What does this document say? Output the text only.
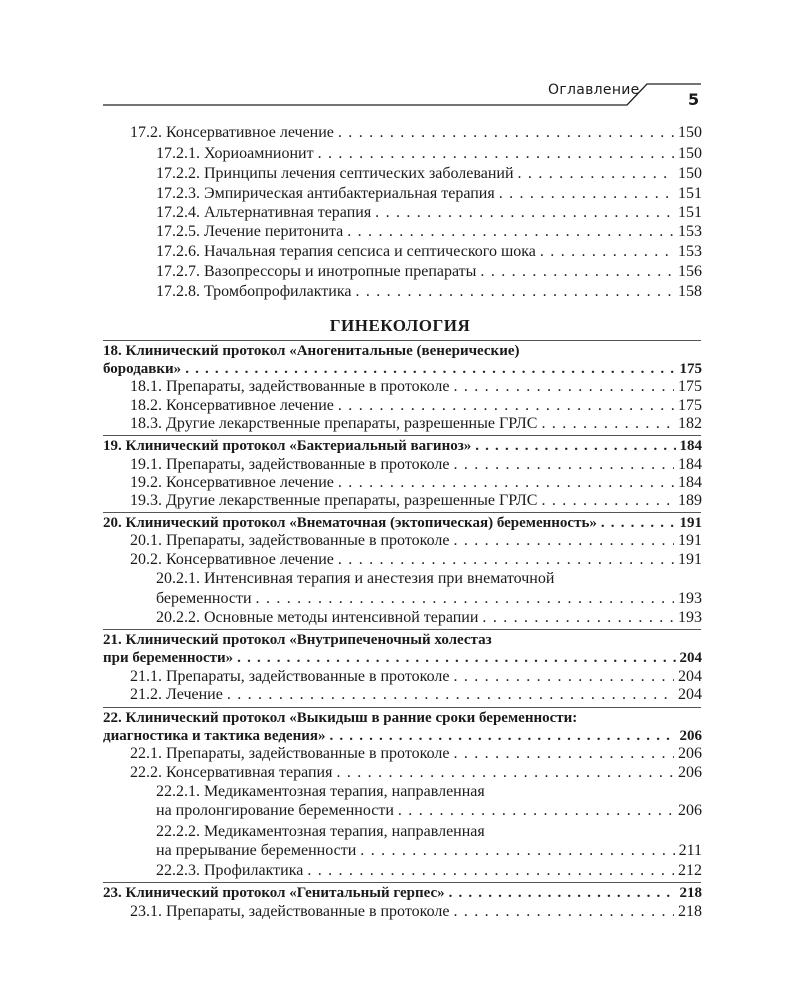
Оглавление	5
17.2. Консервативное лечение . . .	150
17.2.1. Хориоамнионит . . .	150
17.2.2. Принципы лечения септических заболеваний . . .	150
17.2.3. Эмпирическая антибактериальная терапия . . .	151
17.2.4. Альтернативная терапия . . .	151
17.2.5. Лечение перитонита . . .	153
17.2.6. Начальная терапия сепсиса и септического шока . . .	153
17.2.7. Вазопрессоры и инотропные препараты . . .	156
17.2.8. Тромбопрофилактика . . .	158
ГИНЕКОЛОГИЯ
18. Клинический протокол «Аногенитальные (венерические)
бородавки» . . .	175
18.1. Препараты, задействованные в протоколе . . .	175
18.2. Консервативное лечение . . .	175
18.3. Другие лекарственные препараты, разрешенные ГРЛС . . .	182
19. Клинический протокол «Бактериальный вагиноз» . . .	184
19.1. Препараты, задействованные в протоколе . . .	184
19.2. Консервативное лечение . . .	184
19.3. Другие лекарственные препараты, разрешенные ГРЛС . . .	189
20. Клинический протокол «Внематочная (эктопическая) беременность» . . .	191
20.1. Препараты, задействованные в протоколе . . .	191
20.2. Консервативное лечение . . .	191
20.2.1. Интенсивная терапия и анестезия при внематочной
беременности . . .	193
20.2.2. Основные методы интенсивной терапии . . .	193
21. Клинический протокол «Внутрипеченочный холестаз
при беременности» . . .	204
21.1. Препараты, задействованные в протоколе . . .	204
21.2. Лечение . . .	204
22. Клинический протокол «Выкидыш в ранние сроки беременности:
диагностика и тактика ведения» . . .	206
22.1. Препараты, задействованные в протоколе . . .	206
22.2. Консервативная терапия . . .	206
22.2.1. Медикаментозная терапия, направленная
на пролонгирование беременности . . .	206
22.2.2. Медикаментозная терапия, направленная
на прерывание беременности . . .	211
22.2.3. Профилактика . . .	212
23. Клинический протокол «Генитальный герпес» . . .	218
23.1. Препараты, задействованные в протоколе . . .	218
